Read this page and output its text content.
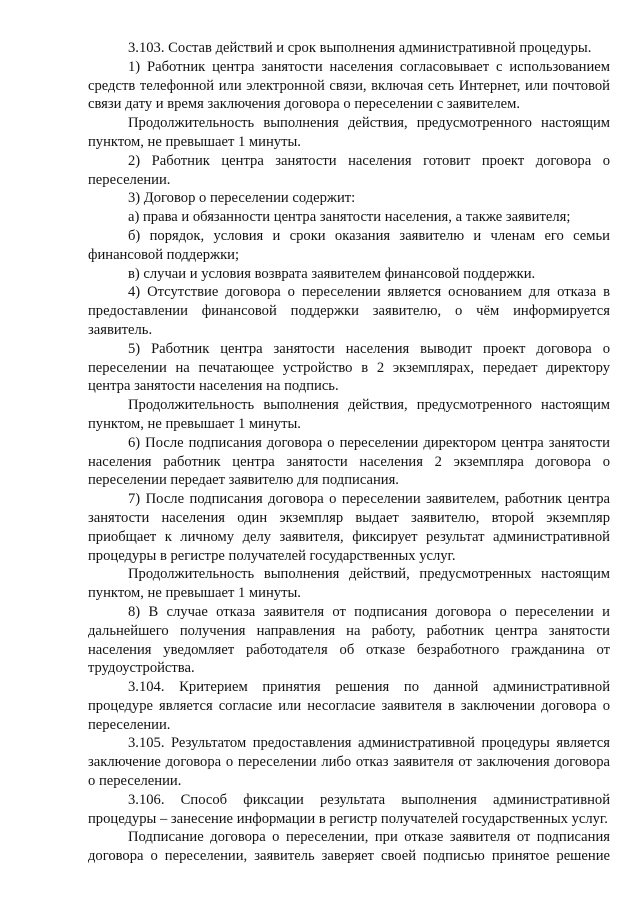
3.103. Состав действий и срок выполнения административной процедуры.

1) Работник центра занятости населения согласовывает с использованием средств телефонной или электронной связи, включая сеть Интернет, или почтовой связи дату и время заключения договора о переселении с заявителем.

Продолжительность выполнения действия, предусмотренного настоящим пунктом, не превышает 1 минуты.

2) Работник центра занятости населения готовит проект договора о переселении.

3) Договор о переселении содержит:

а) права и обязанности центра занятости населения, а также заявителя;

б) порядок, условия и сроки оказания заявителю и членам его семьи финансовой поддержки;

в) случаи и условия возврата заявителем финансовой поддержки.

4) Отсутствие договора о переселении является основанием для отказа в предоставлении финансовой поддержки заявителю, о чём информируется заявитель.

5) Работник центра занятости населения выводит проект договора о переселении на печатающее устройство в 2 экземплярах, передает директору центра занятости населения на подпись.

Продолжительность выполнения действия, предусмотренного настоящим пунктом, не превышает 1 минуты.

6) После подписания договора о переселении директором центра занятости населения работник центра занятости населения 2 экземпляра договора о переселении передает заявителю для подписания.

7) После подписания договора о переселении заявителем, работник центра занятости населения один экземпляр выдает заявителю, второй экземпляр приобщает к личному делу заявителя, фиксирует результат административной процедуры в регистре получателей государственных услуг.

Продолжительность выполнения действий, предусмотренных настоящим пунктом, не превышает 1 минуты.

8) В случае отказа заявителя от подписания договора о переселении и дальнейшего получения направления на работу, работник центра занятости населения уведомляет работодателя об отказе безработного гражданина от трудоустройства.

3.104. Критерием принятия решения по данной административной процедуре является согласие или несогласие заявителя в заключении договора о переселении.

3.105. Результатом предоставления административной процедуры является заключение договора о переселении либо отказ заявителя от заключения договора о переселении.

3.106. Способ фиксации результата выполнения административной процедуры – занесение информации в регистр получателей государственных услуг.

Подписание договора о переселении, при отказе заявителя от подписания договора о переселении, заявитель заверяет своей подписью принятое решение
